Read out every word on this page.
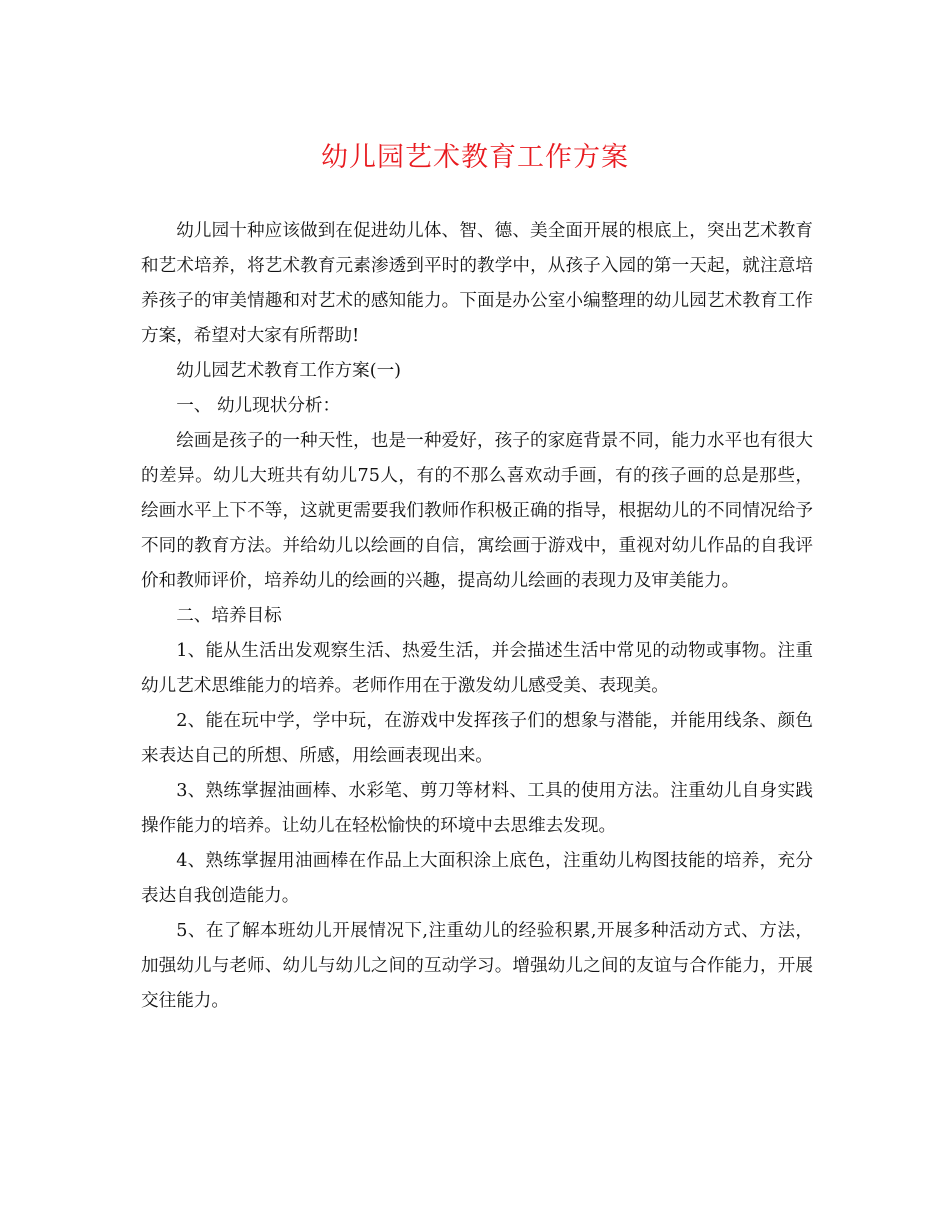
幼儿园艺术教育工作方案

幼儿园十种应该做到在促进幼儿体、智、德、美全面开展的根底上，突出艺术教育和艺术培养，将艺术教育元素渗透到平时的教学中，从孩子入园的第一天起，就注意培养孩子的审美情趣和对艺术的感知能力。下面是办公室小编整理的幼儿园艺术教育工作方案，希望对大家有所帮助!

幼儿园艺术教育工作方案(一)

一、 幼儿现状分析：

绘画是孩子的一种天性，也是一种爱好，孩子的家庭背景不同，能力水平也有很大的差异。幼儿大班共有幼儿75人，有的不那么喜欢动手画，有的孩子画的总是那些，绘画水平上下不等，这就更需要我们教师作积极正确的指导，根据幼儿的不同情况给予不同的教育方法。并给幼儿以绘画的自信，寓绘画于游戏中，重视对幼儿作品的自我评价和教师评价，培养幼儿的绘画的兴趣，提高幼儿绘画的表现力及审美能力。

二、培养目标

1、能从生活出发观察生活、热爱生活，并会描述生活中常见的动物或事物。注重幼儿艺术思维能力的培养。老师作用在于激发幼儿感受美、表现美。

2、能在玩中学，学中玩，在游戏中发挥孩子们的想象与潜能，并能用线条、颜色来表达自己的所想、所感，用绘画表现出来。

3、熟练掌握油画棒、水彩笔、剪刀等材料、工具的使用方法。注重幼儿自身实践操作能力的培养。让幼儿在轻松愉快的环境中去思维去发现。

4、熟练掌握用油画棒在作品上大面积涂上底色，注重幼儿构图技能的培养，充分表达自我创造能力。

5、在了解本班幼儿开展情况下,注重幼儿的经验积累,开展多种活动方式、方法，加强幼儿与老师、幼儿与幼儿之间的互动学习。增强幼儿之间的友谊与合作能力，开展交往能力。
